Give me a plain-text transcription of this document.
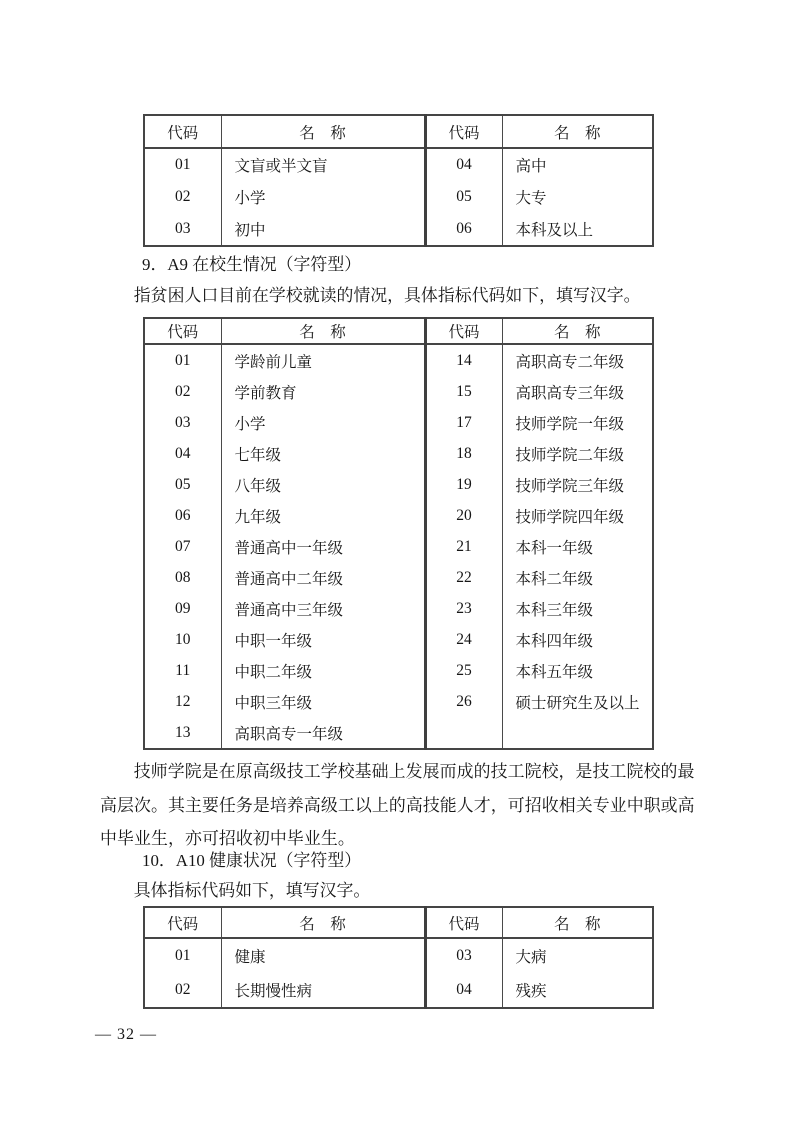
代码	名　称	代码	名　称
01	文盲或半文盲	04	高中
02	小学	05	大专
03	初中	06	本科及以上
9．A9 在校生情况（字符型）
指贫困人口目前在学校就读的情况，具体指标代码如下，填写汉字。
代码	名　称	代码	名　称
01	学龄前儿童	14	高职高专二年级
02	学前教育	15	高职高专三年级
03	小学	17	技师学院一年级
04	七年级	18	技师学院二年级
05	八年级	19	技师学院三年级
06	九年级	20	技师学院四年级
07	普通高中一年级	21	本科一年级
08	普通高中二年级	22	本科二年级
09	普通高中三年级	23	本科三年级
10	中职一年级	24	本科四年级
11	中职二年级	25	本科五年级
12	中职三年级	26	硕士研究生及以上
13	高职高专一年级		
技师学院是在原高级技工学校基础上发展而成的技工院校，是技工院校的最
高层次。其主要任务是培养高级工以上的高技能人才，可招收相关专业中职或高
中毕业生，亦可招收初中毕业生。
10．A10 健康状况（字符型）
具体指标代码如下，填写汉字。
代码	名　称	代码	名　称
01	健康	03	大病
02	长期慢性病	04	残疾
— 32 —
